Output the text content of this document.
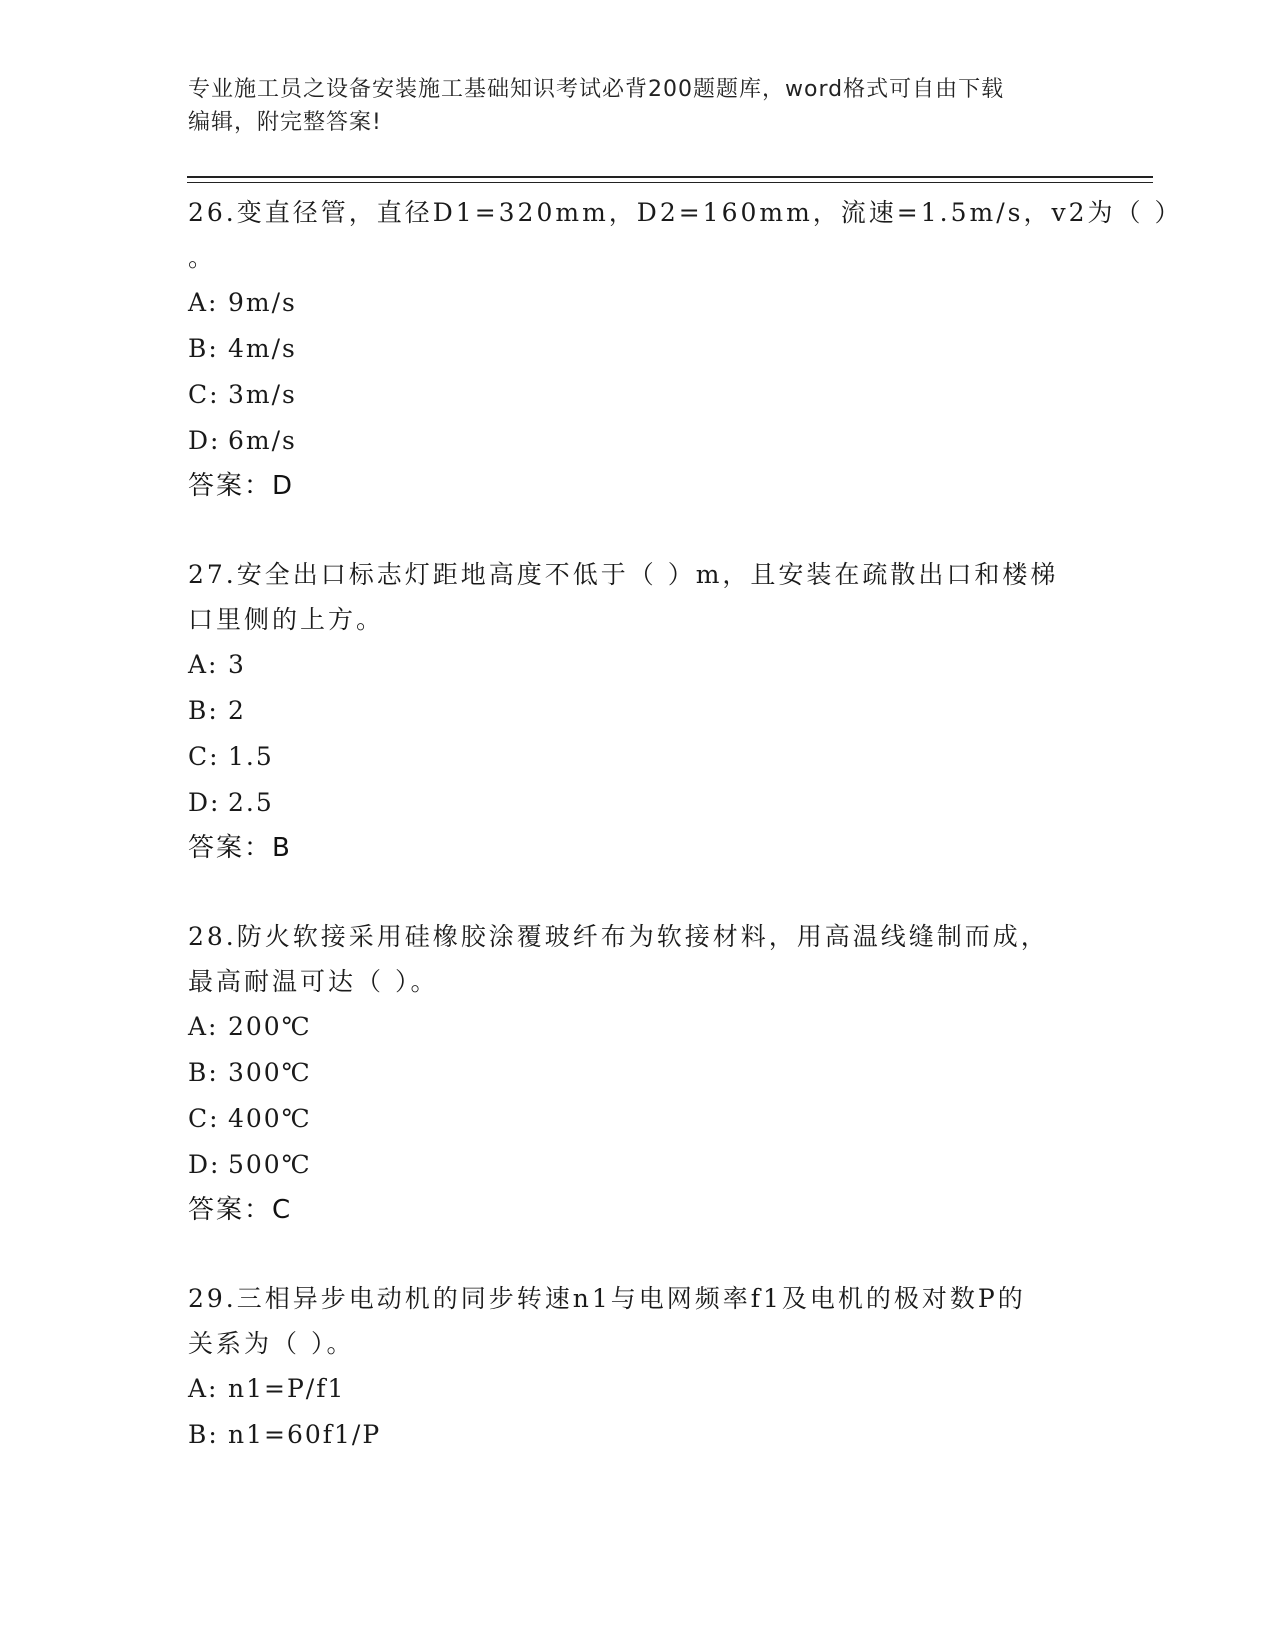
专业施工员之设备安装施工基础知识考试必背200题题库，word格式可自由下载
编辑，附完整答案!
26.变直径管，直径D1=320mm，D2=160mm，流速=1.5m/s，v2为（ ）
。
A: 9m/s
B: 4m/s
C: 3m/s
D: 6m/s
答案：D
27.安全出口标志灯距地高度不低于（ ）m，且安装在疏散出口和楼梯
口里侧的上方。
A: 3
B: 2
C: 1.5
D: 2.5
答案：B
28.防火软接采用硅橡胶涂覆玻纤布为软接材料，用高温线缝制而成，
最高耐温可达（ ）。
A: 200℃
B: 300℃
C: 400℃
D: 500℃
答案：C
29.三相异步电动机的同步转速n1与电网频率f1及电机的极对数P的
关系为（ ）。
A: n1=P/f1
B: n1=60f1/P
